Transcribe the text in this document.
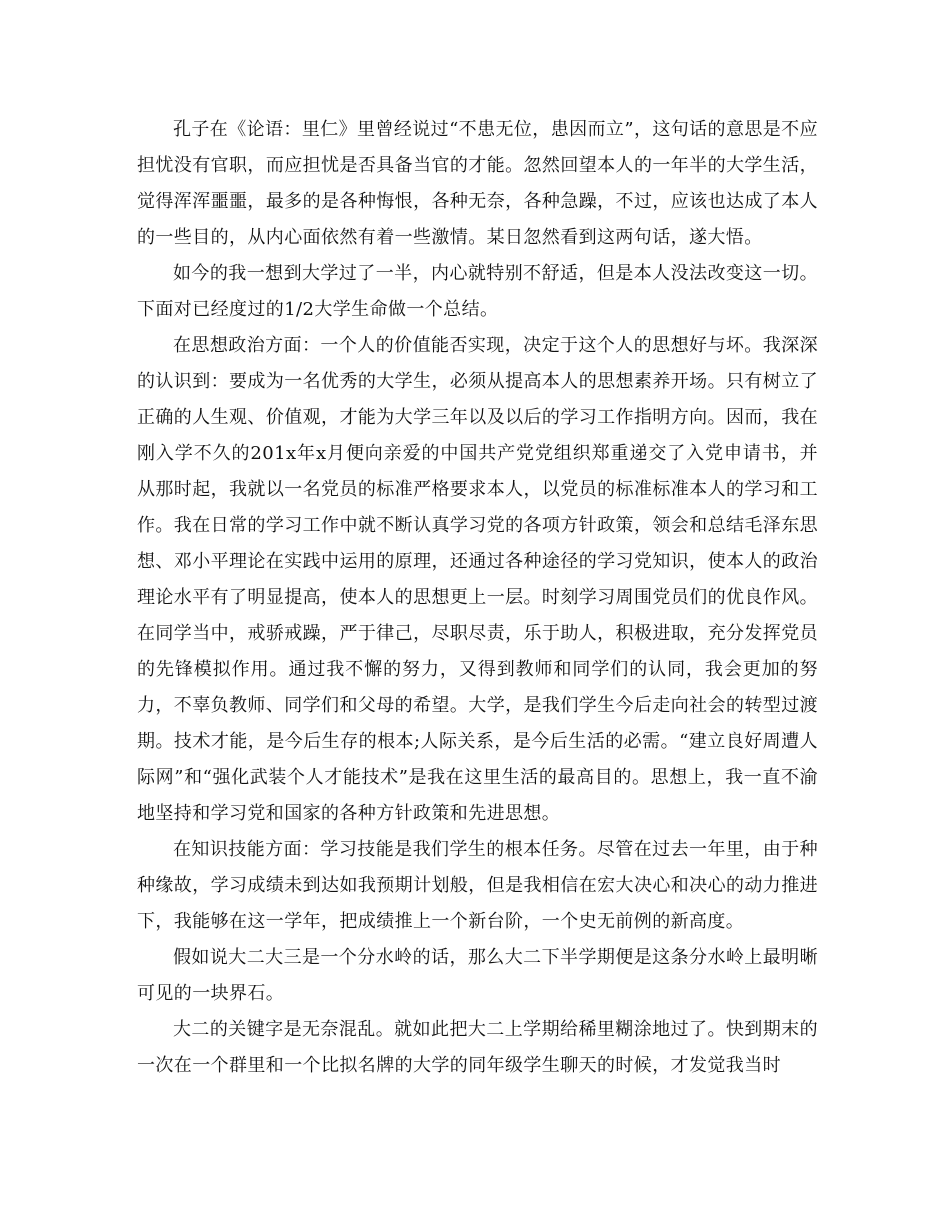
孔子在《论语：里仁》里曾经说过“不患无位，患因而立”，这句话的意思是不应担忧没有官职，而应担忧是否具备当官的才能。忽然回望本人的一年半的大学生活，觉得浑浑噩噩，最多的是各种悔恨，各种无奈，各种急躁，不过，应该也达成了本人的一些目的，从内心面依然有着一些激情。某日忽然看到这两句话，遂大悟。

如今的我一想到大学过了一半，内心就特别不舒适，但是本人没法改变这一切。下面对已经度过的1/2大学生命做一个总结。

在思想政治方面：一个人的价值能否实现，决定于这个人的思想好与坏。我深深的认识到：要成为一名优秀的大学生，必须从提高本人的思想素养开场。只有树立了正确的人生观、价值观，才能为大学三年以及以后的学习工作指明方向。因而，我在刚入学不久的201x年x月便向亲爱的中国共产党党组织郑重递交了入党申请书，并从那时起，我就以一名党员的标准严格要求本人，以党员的标准标准本人的学习和工作。我在日常的学习工作中就不断认真学习党的各项方针政策，领会和总结毛泽东思想、邓小平理论在实践中运用的原理，还通过各种途径的学习党知识，使本人的政治理论水平有了明显提高，使本人的思想更上一层。时刻学习周围党员们的优良作风。在同学当中，戒骄戒躁，严于律己，尽职尽责，乐于助人，积极进取，充分发挥党员的先锋模拟作用。通过我不懈的努力，又得到教师和同学们的认同，我会更加的努力，不辜负教师、同学们和父母的希望。大学，是我们学生今后走向社会的转型过渡期。技术才能，是今后生存的根本;人际关系，是今后生活的必需。“建立良好周遭人际网”和“强化武装个人才能技术”是我在这里生活的最高目的。思想上，我一直不渝地坚持和学习党和国家的各种方针政策和先进思想。

在知识技能方面：学习技能是我们学生的根本任务。尽管在过去一年里，由于种种缘故，学习成绩未到达如我预期计划般，但是我相信在宏大决心和决心的动力推进下，我能够在这一学年，把成绩推上一个新台阶，一个史无前例的新高度。

假如说大二大三是一个分水岭的话，那么大二下半学期便是这条分水岭上最明晰可见的一块界石。

大二的关键字是无奈混乱。就如此把大二上学期给稀里糊涂地过了。快到期末的一次在一个群里和一个比拟名牌的大学的同年级学生聊天的时候，才发觉我当时
